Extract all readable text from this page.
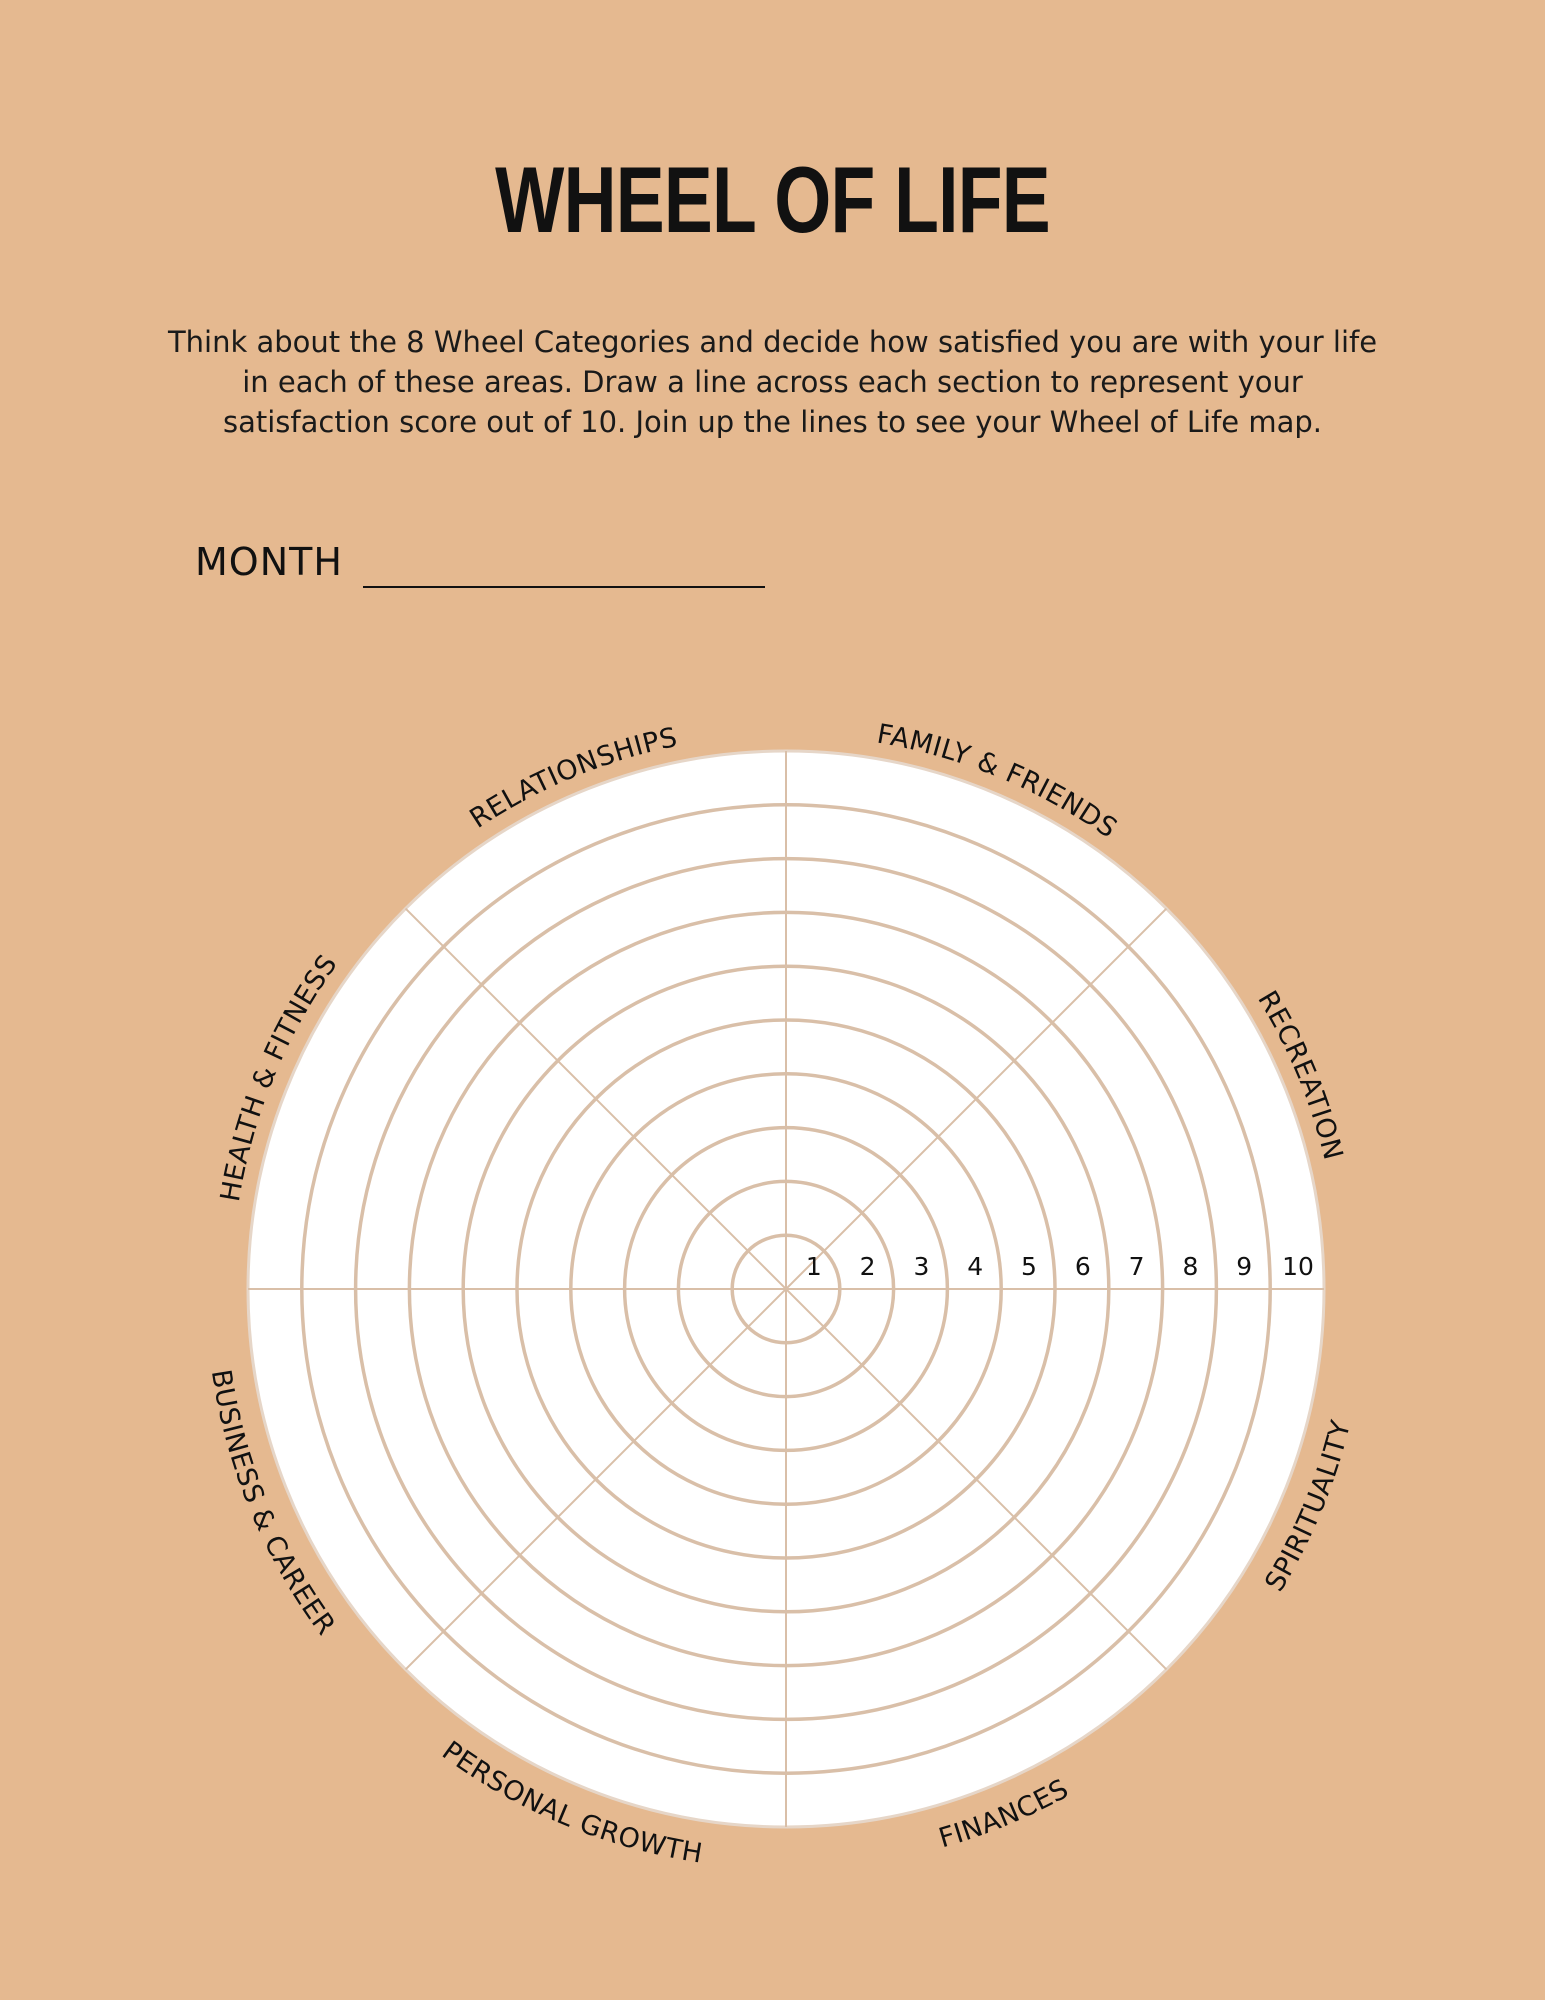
WHEEL OF LIFE
Think about the 8 Wheel Categories and decide how satisfied you are with your life
in each of these areas. Draw a line across each section to represent your
satisfaction score out of 10. Join up the lines to see your Wheel of Life map.
MONTH
FAMILY & FRIENDS
RECREATION
SPIRITUALITY
FINANCES
PERSONAL GROWTH
BUSINESS & CAREER
HEALTH & FITNESS
RELATIONSHIPS
1 2 3 4 5 6 7 8 9 10
